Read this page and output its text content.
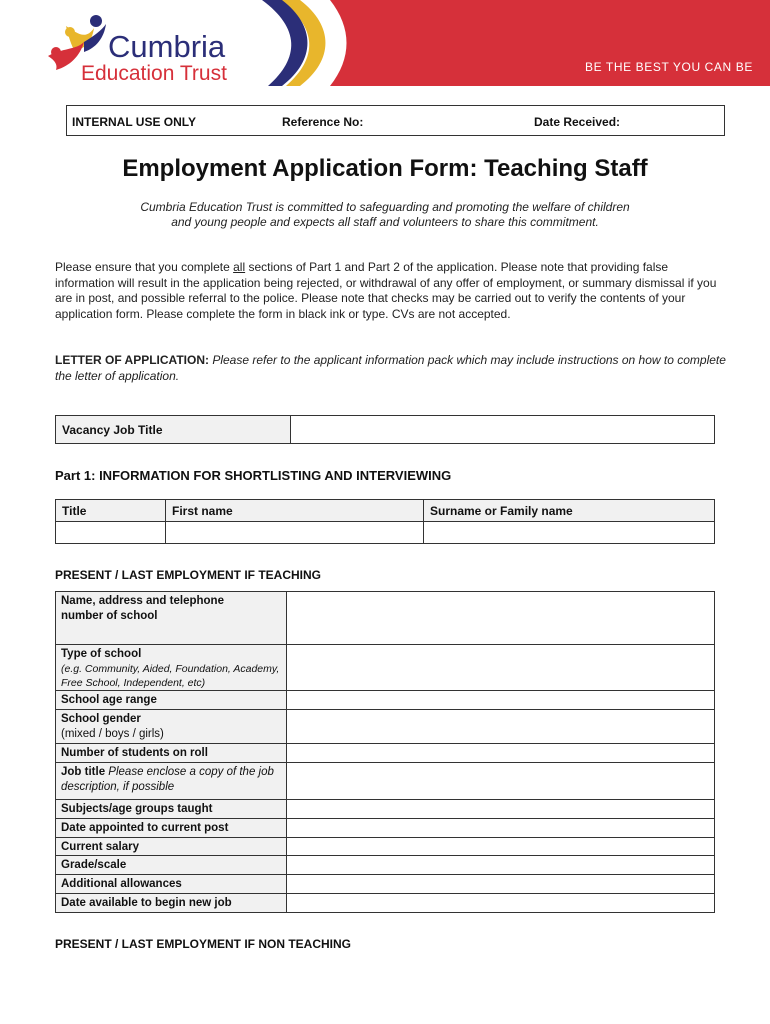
Cumbria
Education Trust	BE THE BEST YOU CAN BE
INTERNAL USE ONLY	Reference No:	Date Received:
Employment Application Form: Teaching Staff
Cumbria Education Trust is committed to safeguarding and promoting the welfare of children
and young people and expects all staff and volunteers to share this commitment.
Please ensure that you complete all sections of Part 1 and Part 2 of the application. Please note that providing false information will result in the application being rejected, or withdrawal of any offer of employment, or summary dismissal if you are in post, and possible referral to the police. Please note that checks may be carried out to verify the contents of your application form. Please complete the form in black ink or type. CVs are not accepted.
LETTER OF APPLICATION: Please refer to the applicant information pack which may include instructions on how to complete the letter of application.
Vacancy Job Title
Part 1: INFORMATION FOR SHORTLISTING AND INTERVIEWING
Title	First name	Surname or Family name
PRESENT / LAST EMPLOYMENT IF TEACHING
Name, address and telephone number of school
Type of school
(e.g. Community, Aided, Foundation, Academy, Free School, Independent, etc)
School age range
School gender
(mixed / boys / girls)
Number of students on roll
Job title Please enclose a copy of the job description, if possible
Subjects/age groups taught
Date appointed to current post
Current salary
Grade/scale
Additional allowances
Date available to begin new job
PRESENT / LAST EMPLOYMENT IF NON TEACHING
